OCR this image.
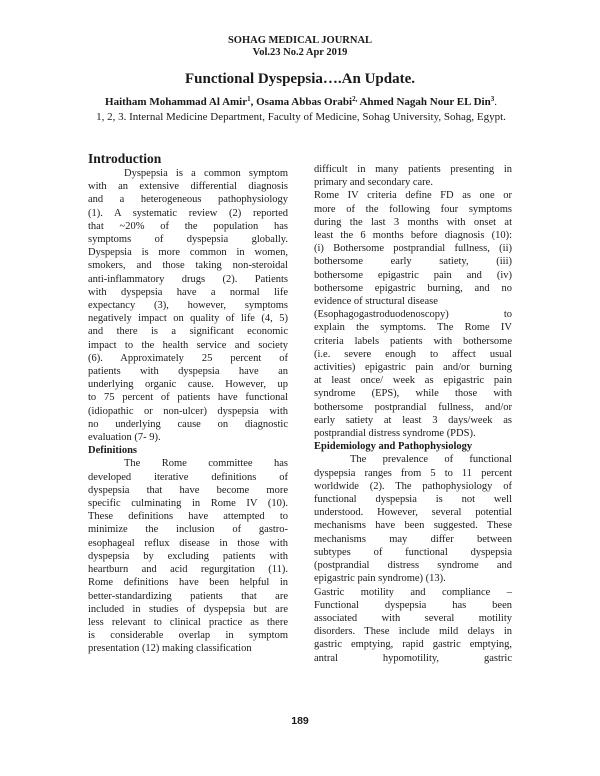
SOHAG MEDICAL JOURNAL
Vol.23 No.2 Apr 2019
Functional Dyspepsia….An Update.
Haitham Mohammad Al Amir$^1$, Osama Abbas Orabi$^{2,}$ Ahmed Nagah Nour EL Din$^3$.
1, 2, 3. Internal Medicine Department, Faculty of Medicine, Sohag University, Sohag, Egypt.
Introduction

Dyspepsia is a common symptom
with an extensive differential diagnosis
and a heterogeneous pathophysiology
(1). A systematic review (2) reported
that ~20% of the population has
symptoms of dyspepsia globally.
Dyspepsia is more common in women,
smokers, and those taking non-steroidal
anti-inflammatory drugs (2). Patients
with dyspepsia have a normal life
expectancy (3), however, symptoms
negatively impact on quality of life (4, 5)
and there is a significant economic
impact to the health service and society
(6). Approximately 25 percent of
patients with dyspepsia have an
underlying organic cause. However, up
to 75 percent of patients have functional
(idiopathic or non-ulcer) dyspepsia with
no underlying cause on diagnostic
evaluation (7- 9).

Definitions

The Rome committee has
developed iterative definitions of
dyspepsia that have become more
specific culminating in Rome IV (10).
These definitions have attempted to
minimize the inclusion of gastro-
esophageal reflux disease in those with
dyspepsia by excluding patients with
heartburn and acid regurgitation (11).
Rome definitions have been helpful in
better-standardizing patients that are
included in studies of dyspepsia but are
less relevant to clinical practice as there
is considerable overlap in symptom
presentation (12) making classification

difficult in many patients presenting in
primary and secondary care.

Rome IV criteria define FD as one or
more of the following four symptoms
during the last 3 months with onset at
least the 6 months before diagnosis (10):
(i) Bothersome postprandial fullness, (ii)
bothersome early satiety, (iii)
bothersome epigastric pain and (iv)
bothersome epigastric burning, and no
evidence of structural disease
(Esophagogastroduodenoscopy) to
explain the symptoms. The Rome IV
criteria labels patients with bothersome
(i.e. severe enough to affect usual
activities) epigastric pain and/or burning
at least once/ week as epigastric pain
syndrome (EPS), while those with
bothersome postprandial fullness, and/or
early satiety at least 3 days/week as
postprandial distress syndrome (PDS).

Epidemiology and Pathophysiology

The prevalence of functional
dyspepsia ranges from 5 to 11 percent
worldwide (2). The pathophysiology of
functional dyspepsia is not well
understood. However, several potential
mechanisms have been suggested. These
mechanisms may differ between
subtypes of functional dyspepsia
(postprandial distress syndrome and
epigastric pain syndrome) (13).

Gastric motility and compliance –
Functional dyspepsia has been
associated with several motility
disorders. These include mild delays in
gastric emptying, rapid gastric emptying,
antral hypomotility, gastric

189
